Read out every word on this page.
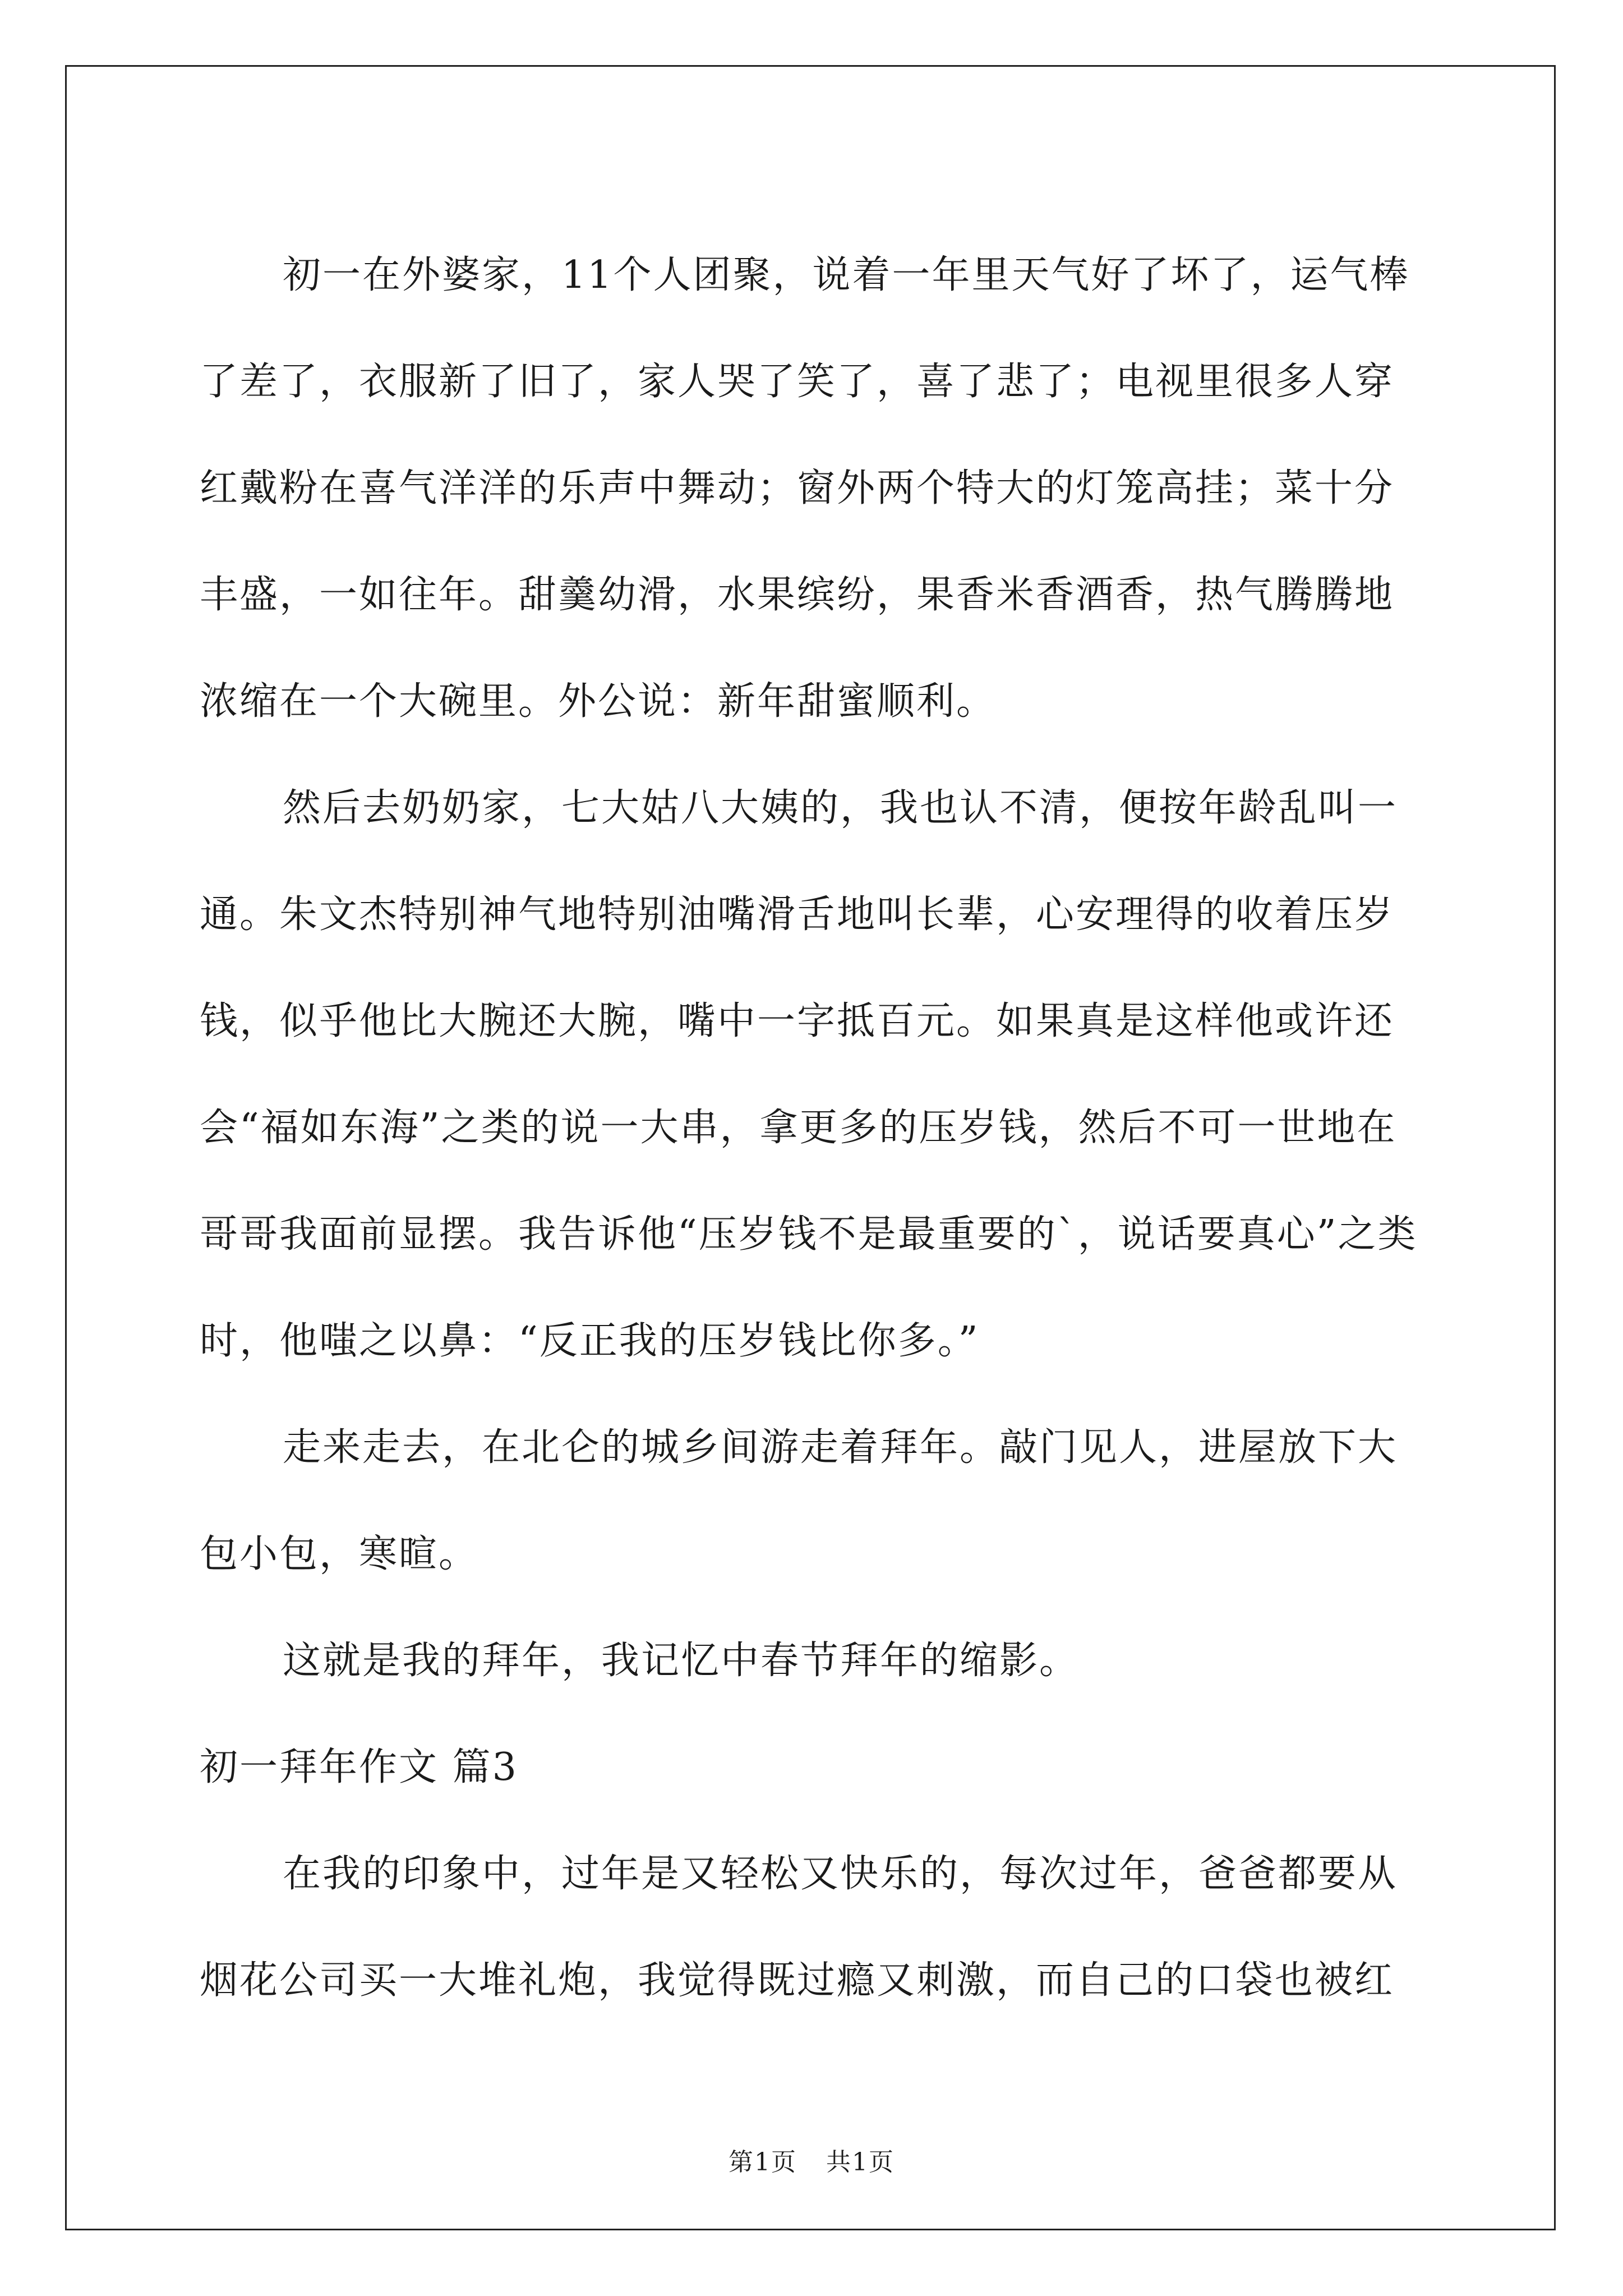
初一在外婆家，11个人团聚，说着一年里天气好了坏了，运气棒了差了，衣服新了旧了，家人哭了笑了，喜了悲了；电视里很多人穿红戴粉在喜气洋洋的乐声中舞动；窗外两个特大的灯笼高挂；菜十分丰盛，一如往年。甜羹幼滑，水果缤纷，果香米香酒香，热气腾腾地浓缩在一个大碗里。外公说：新年甜蜜顺利。

然后去奶奶家，七大姑八大姨的，我也认不清，便按年龄乱叫一通。朱文杰特别神气地特别油嘴滑舌地叫长辈，心安理得的收着压岁钱，似乎他比大腕还大腕，嘴中一字抵百元。如果真是这样他或许还会“福如东海”之类的说一大串，拿更多的压岁钱，然后不可一世地在哥哥我面前显摆。我告诉他“压岁钱不是最重要的`，说话要真心”之类时，他嗤之以鼻：“反正我的压岁钱比你多。”

走来走去，在北仑的城乡间游走着拜年。敲门见人，进屋放下大包小包，寒暄。

这就是我的拜年，我记忆中春节拜年的缩影。

初一拜年作文 篇3

在我的印象中，过年是又轻松又快乐的，每次过年，爸爸都要从烟花公司买一大堆礼炮，我觉得既过瘾又刺激，而自己的口袋也被红

第1页 共1页
